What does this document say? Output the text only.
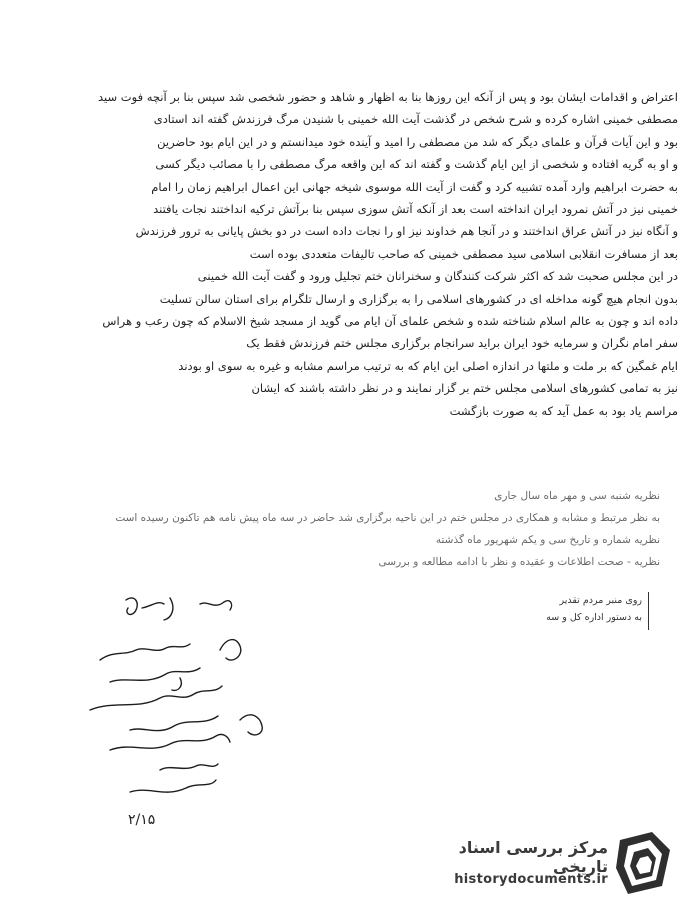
اعتراض و اقدامات ایشان بود و پس از آنکه این روزها بنا به اظهار و شاهد و حضور شخصی شد سپس بنا بر آنچه فوت سید

مصطفی خمینی اشاره کرده و شرح شخص در گذشت آیت الله خمینی با شنیدن مرگ فرزندش گفته اند استادی

بود و این آیات قرآن و علمای دیگر که شد من مصطفی را امید و آینده خود میدانستم و در این ایام بود حاضرین

و او به گریه افتاده و شخصی از این ایام گذشت و گفته اند که این واقعه مرگ مصطفی را با مصائب دیگر کسی

به حضرت ابراهیم وارد آمده تشبیه کرد و گفت از آیت الله موسوی شیخه جهانی این اعمال ابراهیم زمان را امام

خمینی نیز در آتش نمرود ایران انداخته است بعد از آنکه آتش سوزی سپس بنا برآتش ترکیه انداختند نجات یافتند

و آنگاه نیز در آتش عراق انداختند و در آنجا هم خداوند نیز او را نجات داده است در دو بخش پایانی به ترور فرزندش

بعد از مسافرت انقلابی اسلامی سید مصطفی خمینی که صاحب تالیفات متعددی بوده است

در این مجلس صحبت شد که اکثر شرکت کنندگان و سخنرانان ختم تجلیل ورود و گفت آیت الله خمینی

بدون انجام هیچ گونه مداخله ای در کشورهای اسلامی را به برگزاری و ارسال تلگرام برای استان سالن تسلیت

داده اند و چون به عالم اسلام شناخته شده و شخص علمای آن ایام می گوید از مسجد شیخ الاسلام که چون رعب و هراس

سفر امام نگران و سرمایه خود ایران براید سرانجام برگزاری مجلس ختم فرزندش فقط یک

ایام غمگین که بر ملت و ملتها در اندازه اصلی این ایام که به ترتیب مراسم مشابه و غیره به سوی او بودند

نیز به تمامی کشورهای اسلامی مجلس ختم بر گزار نمایند و در نظر داشته باشند که ایشان

مراسم یاد بود به عمل آید که به صورت بازگشت

نظریه شنبه سی و مهر ماه سال جاری

به نظر مرتبط و مشابه و همکاری در مجلس ختم در این ناحیه برگزاری شد حاضر در سه ماه پیش نامه هم تاکنون رسیده است

نظریه شماره و تاریخ سی و یکم شهریور ماه گذشته

نظریه - صحت اطلاعات و عقیده و نظر با ادامه مطالعه و بررسی

روی منبر مردم تقدیر
به دستور اداره کل و سه
۲/۱۵
مرکز بررسی اسناد تاریخی
historydocuments.ir
